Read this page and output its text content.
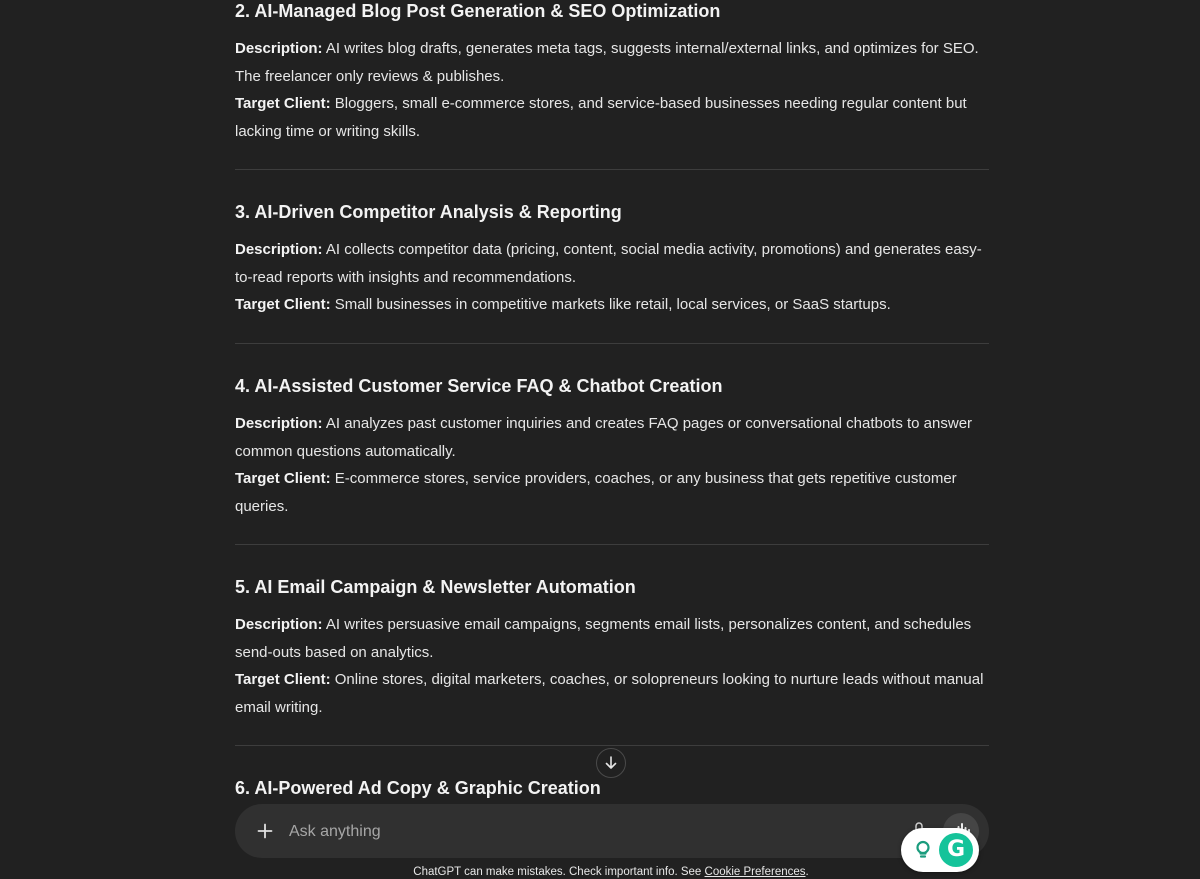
2. AI-Managed Blog Post Generation & SEO Optimization

Description: AI writes blog drafts, generates meta tags, suggests internal/external links, and optimizes for SEO. The freelancer only reviews & publishes.

Target Client: Bloggers, small e-commerce stores, and service-based businesses needing regular content but lacking time or writing skills.

3. AI-Driven Competitor Analysis & Reporting

Description: AI collects competitor data (pricing, content, social media activity, promotions) and generates easy-to-read reports with insights and recommendations.

Target Client: Small businesses in competitive markets like retail, local services, or SaaS startups.

4. AI-Assisted Customer Service FAQ & Chatbot Creation

Description: AI analyzes past customer inquiries and creates FAQ pages or conversational chatbots to answer common questions automatically.

Target Client: E-commerce stores, service providers, coaches, or any business that gets repetitive customer queries.

5. AI Email Campaign & Newsletter Automation

Description: AI writes persuasive email campaigns, segments email lists, personalizes content, and schedules send-outs based on analytics.

Target Client: Online stores, digital marketers, coaches, or solopreneurs looking to nurture leads without manual email writing.

6. AI-Powered Ad Copy & Graphic Creation
Ask anything
G
ChatGPT can make mistakes. Check important info. See Cookie Preferences.
